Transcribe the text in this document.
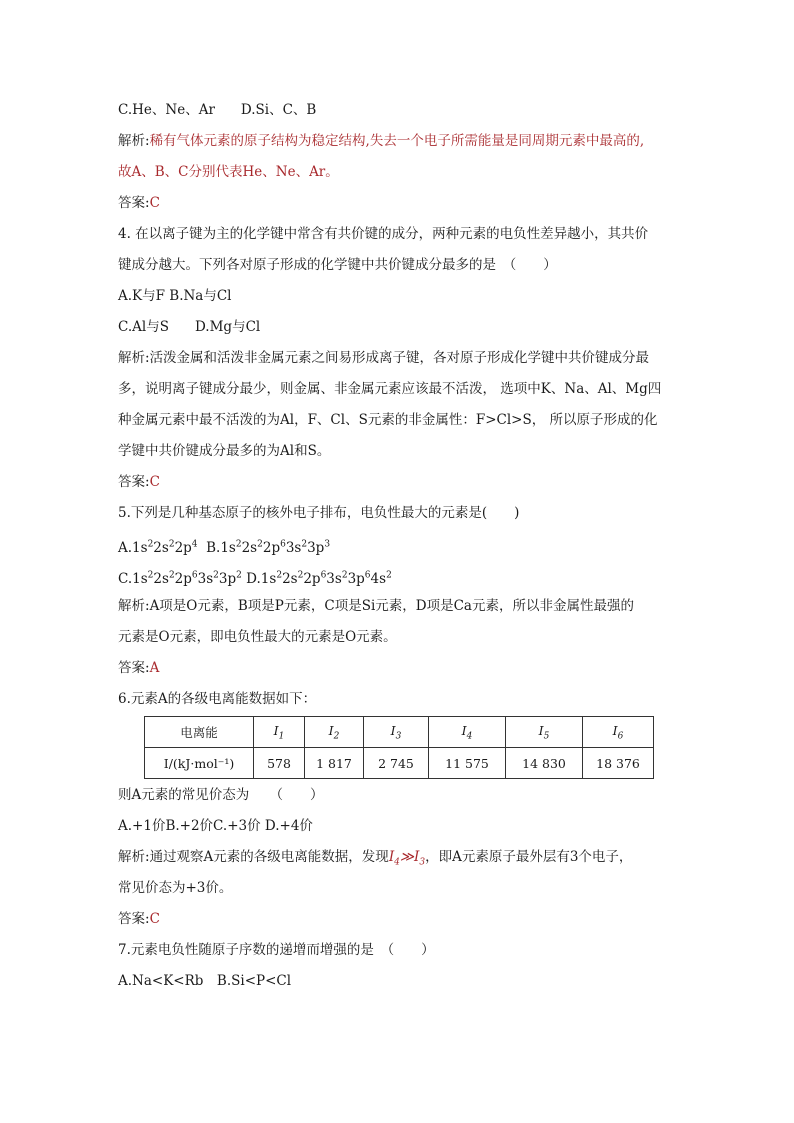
C.He、Ne、Ar D.Si、C、B
解析:稀有气体元素的原子结构为稳定结构,失去一个电子所需能量是同周期元素中最高的,
故A、B、C分别代表He、Ne、Ar。
答案:C
4. 在以离子键为主的化学键中常含有共价键的成分，两种元素的电负性差异越小，其共价
键成分越大。下列各对原子形成的化学键中共价键成分最多的是　（　　）
A.K与F B.Na与Cl
C.Al与S D.Mg与Cl
解析:活泼金属和活泼非金属元素之间易形成离子键，各对原子形成化学键中共价键成分最
多，说明离子键成分最少，则金属、非金属元素应该最不活泼， 选项中K、Na、Al、Mg四
种金属元素中最不活泼的为Al，F、Cl、S元素的非金属性：F>Cl>S， 所以原子形成的化
学键中共价键成分最多的为Al和S。
答案:C
5.下列是几种基态原子的核外电子排布，电负性最大的元素是(　　)
$A.1s^22s^22p^4$ $B.1s^22s^22p^63s^23p^3$
$C.1s^22s^22p^63s^23p^2$ $D.1s^22s^22p^63s^23p^64s^2$
解析:A项是O元素，B项是P元素，C项是Si元素，D项是Ca元素，所以非金属性最强的
元素是O元素，即电负性最大的元素是O元素。
答案:A
6.元素A的各级电离能数据如下：
电离能	$I_1$	$I_2$	$I_3$	$I_4$	$I_5$	$I_6$
I/(kJ·mol⁻¹)	578	1 817	2 745	11 575	14 830	18 376
则A元素的常见价态为　　（　　）
A.+1价B.+2价C.+3价 D.+4价
解析:通过观察A元素的各级电离能数据，发现$I_4≫I_3$，即A元素原子最外层有3个电子，
常见价态为+3价。
答案:C
7.元素电负性随原子序数的递增而增强的是　（　　）
A.Na<K<Rb　B.Si<P<Cl
